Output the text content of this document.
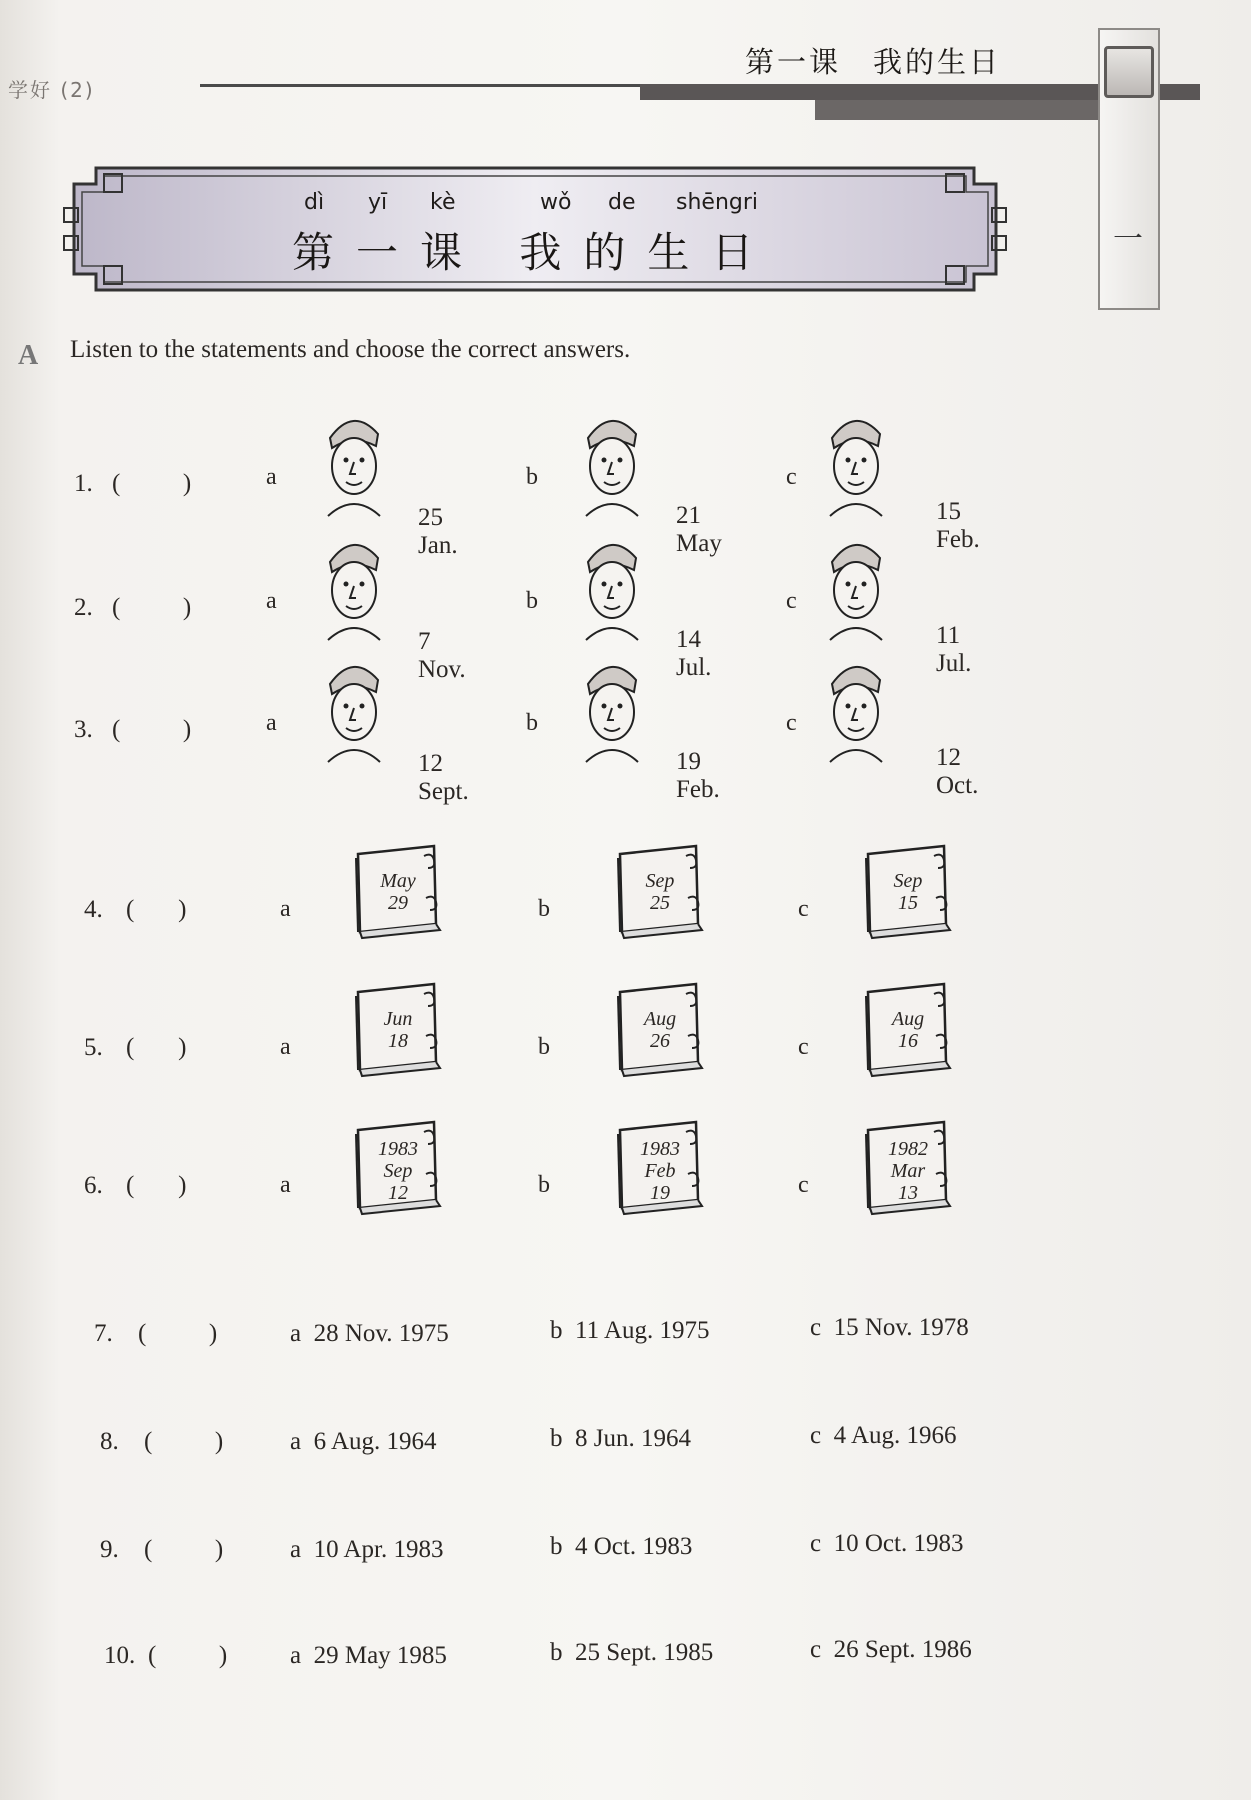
学好 (2)
第一课　我的生日
一
dì yī kè	wǒ de shēngri
第一课 我的生日
A Listen to the statements and choose the correct answers.
1. (          )	a
25 Jan.
b
21 May
c
15 Feb.
2. (          )	a
7 Nov.
b
14 Jul.
c
11 Jul.
3. (          )	a
12 Sept.
b
19 Feb.
c
12 Oct.
4. (       )	a
May
29	b
Sep
25	c
Sep
15
5. (       )	a
Jun
18	b
Aug
26	c
Aug
16
6. (       )	a
1983
Sep
12	b
1983
Feb
19	c
1982
Mar
13
7. (          )	a  28 Nov. 1975	b  11 Aug. 1975	c  15 Nov. 1978
8. (          )	a  6 Aug. 1964	b  8 Jun. 1964	c  4 Aug. 1966
9. (          )	a  10 Apr. 1983	b  4 Oct. 1983	c  10 Oct. 1983
10. (          )	a  29 May 1985	b  25 Sept. 1985	c  26 Sept. 1986
